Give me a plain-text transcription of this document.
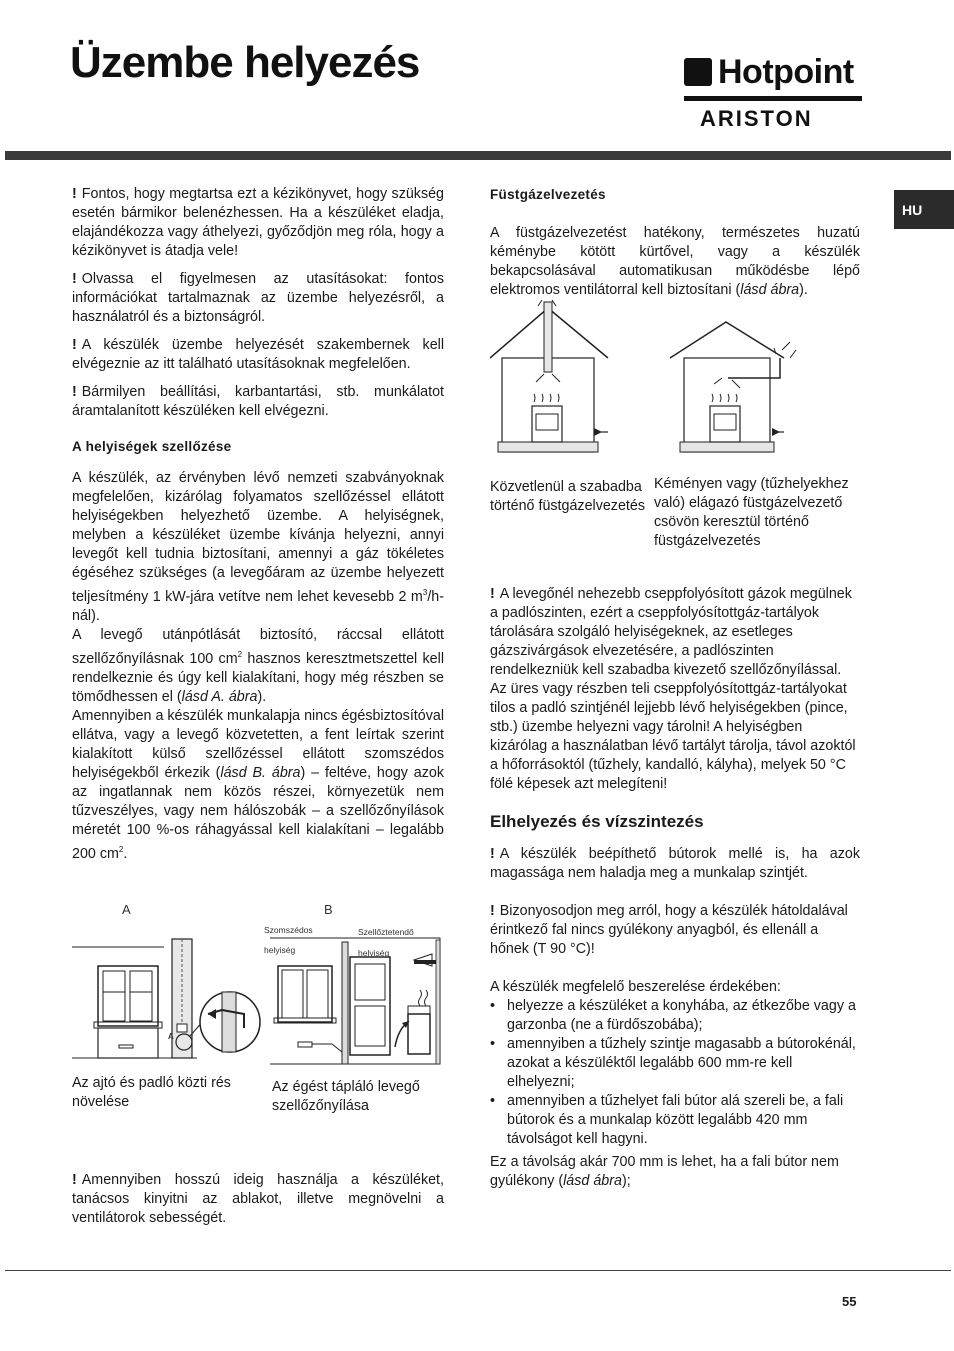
Üzembe helyezés	Hotpoint
ARISTON
HU

! Fontos, hogy megtartsa ezt a kézikönyvet, hogy szükség esetén bármikor belenézhessen. Ha a készüléket eladja, elajándékozza vagy áthelyezi, győződjön meg róla, hogy a kézikönyvet is átadja vele!

! Olvassa el figyelmesen az utasításokat: fontos információkat tartalmaznak az üzembe helyezésről, a használatról és a biztonságról.

! A készülék üzembe helyezését szakembernek kell elvégeznie az itt található utasításoknak megfelelően.

! Bármilyen beállítási, karbantartási, stb. munkálatot áramtalanított készüléken kell elvégezni.

A helyiségek szellőzése

A készülék, az érvényben lévő nemzeti szabványoknak megfelelően, kizárólag folyamatos szellőzéssel ellátott helyiségekben helyezhető üzembe. A helyiségnek, melyben a készüléket üzembe kívánja helyezni, annyi levegőt kell tudnia biztosítani, amennyi a gáz tökéletes égéséhez szükséges (a levegőáram az üzembe helyezett teljesítmény 1 kW-jára vetítve nem lehet kevesebb 2 $m^3/h-nál$).
A levegő utánpótlását biztosító, ráccsal ellátott szellőzőnyílásnak 100 $cm^2$ hasznos keresztmetszettel kell rendelkeznie és úgy kell kialakítani, hogy még részben se tömődhessen el (lásd A. ábra).
Amennyiben a készülék munkalapja nincs égésbiztosítóval ellátva, vagy a levegő közvetetten, a fent leírtak szerint kialakított külső szellőzéssel ellátott szomszédos helyiségekből érkezik (lásd B. ábra) – feltéve, hogy azok az ingatlannak nem közös részei, környezetük nem tűzveszélyes, vagy nem hálószobák – a szellőzőnyílások méretét 100 %-os ráhagyással kell kialakítani – legalább 200 $cm^2$.

A
A
B
Szomszédos helyiség
Szellőztetendő helyiség
Az ajtó és padló közti rés növelése
Az égést tápláló levegő szellőzőnyílása

! Amennyiben hosszú ideig használja a készüléket, tanácsos kinyitni az ablakot, illetve megnövelni a ventilátorok sebességét.

Füstgázelvezetés

A füstgázelvezetést hatékony, természetes huzatú kéménybe kötött kürtővel, vagy a készülék bekapcsolásával automatikusan működésbe lépő elektromos ventilátorral kell biztosítani (lásd ábra).

Közvetlenül a szabadba történő füstgázelvezetés
Kéményen vagy (tűzhelyekhez való) elágazó füstgázelvezető csövön keresztül történő füstgázelvezetés

! A levegőnél nehezebb cseppfolyósított gázok megülnek a padlószinten, ezért a cseppfolyósítottgáz-tartályok tárolására szolgáló helyiségeknek, az esetleges gázszivárgások elvezetésére, a padlószinten rendelkezniük kell szabadba kivezető szellőzőnyílással.
Az üres vagy részben teli cseppfolyósítottgáz-tartályokat tilos a padló szintjénél lejjebb lévő helyiségekben (pince, stb.) üzembe helyezni vagy tárolni! A helyiségben kizárólag a használatban lévő tartályt tárolja, távol azoktól a hőforrásoktól (tűzhely, kandalló, kályha), melyek 50 °C fölé képesek azt melegíteni!

Elhelyezés és vízszintezés

! A készülék beépíthető bútorok mellé is, ha azok magassága nem haladja meg a munkalap szintjét.

! Bizonyosodjon meg arról, hogy a készülék hátoldalával érintkező fal nincs gyúlékony anyagból, és ellenáll a hőnek (T 90 °C)!

A készülék megfelelő beszerelése érdekében:

• helyezze a készüléket a konyhába, az étkezőbe vagy a garzonba (ne a fürdőszobába);
• amennyiben a tűzhely szintje magasabb a bútorokénál, azokat a készüléktől legalább 600 mm-re kell elhelyezni;
• amennyiben a tűzhelyet fali bútor alá szereli be, a fali bútorok és a munkalap között legalább 420 mm távolságot kell hagyni.

Ez a távolság akár 700 mm is lehet, ha a fali bútor nem gyúlékony (lásd ábra);

55
